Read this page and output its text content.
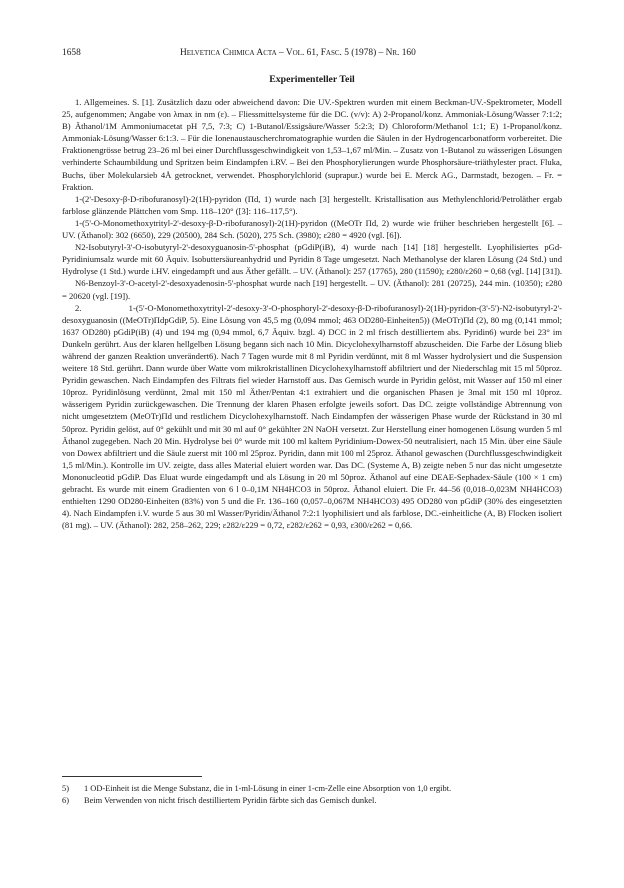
1658	Helvetica Chimica Acta – Vol. 61, Fasc. 5 (1978) – Nr. 160
Experimenteller Teil

1. Allgemeines. S. [1]. Zusätzlich dazu oder abweichend davon: Die UV.-Spektren wurden mit einem Beckman-UV.-Spektrometer, Modell 25, aufgenommen; Angabe von λmax in nm (ε). – Fliessmittelsysteme für die DC. (v/v): A) 2-Propanol/konz. Ammoniak-Lösung/Wasser 7:1:2; B) Äthanol/1M Ammoniumacetat pH 7,5, 7:3; C) 1-Butanol/Essigsäure/Wasser 5:2:3; D) Chloroform/Methanol 1:1; E) 1-Propanol/konz. Ammoniak-Lösung/Wasser 6:1:3. – Für die Ionenaustauscherchromatographie wurden die Säulen in der Hydrogencarbonatform vorbereitet. Die Fraktionengrösse betrug 23–26 ml bei einer Durchflussgeschwindigkeit von 1,53–1,67 ml/Min. – Zusatz von 1-Butanol zu wässerigen Lösungen verhinderte Schaumbildung und Spritzen beim Eindampfen i.RV. – Bei den Phosphorylierungen wurde Phosphorsäure-triäthylester pract. Fluka, Buchs, über Molekularsieb 4Å getrocknet, verwendet. Phosphorylchlorid (suprapur.) wurde bei E. Merck AG., Darmstadt, bezogen. – Fr. = Fraktion.

1-(2'-Desoxy-β-D-ribofuranosyl)-2(1H)-pyridon (Πd, 1) wurde nach [3] hergestellt. Kristallisation aus Methylenchlorid/Petroläther ergab farblose glänzende Plättchen vom Smp. 118–120° ([3]: 116–117,5°).

1-(5'-O-Monomethoxytrityl-2'-desoxy-β-D-ribofuranosyl)-2(1H)-pyridon ((MeOTr Πd, 2) wurde wie früher beschrieben hergestellt [6]. – UV. (Äthanol): 302 (6650), 229 (20500), 284 Sch. (5020), 275 Sch. (3980); ε280 = 4920 (vgl. [6]).

N2-Isobutyryl-3'-O-isobutyryl-2'-desoxyguanosin-5'-phosphat (pGdiP(iB), 4) wurde nach [14] [18] hergestellt. Lyophilisiertes pGd-Pyridiniumsalz wurde mit 60 Äquiv. Isobuttersäureanhydrid und Pyridin 8 Tage umgesetzt. Nach Methanolyse der klaren Lösung (24 Std.) und Hydrolyse (1 Std.) wurde i.HV. eingedampft und aus Äther gefällt. – UV. (Äthanol): 257 (17765), 280 (11590); ε280/ε260 = 0,68 (vgl. [14] [31]).

N6-Benzoyl-3'-O-acetyl-2'-desoxyadenosin-5'-phosphat wurde nach [19] hergestellt. – UV. (Äthanol): 281 (20725), 244 min. (10350); ε280 = 20620 (vgl. [19]).

2. 1-(5'-O-Monomethoxytrityl-2'-desoxy-3'-O-phosphoryl-2'-desoxy-β-D-ribofuranosyl)-2(1H)-pyridon-(3'-5')-N2-isobutyryl-2'-desoxyguanosin ((MeOTr)ΠdpGdiP, 5). Eine Lösung von 45,5 mg (0,094 mmol; 463 OD280-Einheiten5)) (MeOTr)Πd (2), 80 mg (0,141 mmol; 1637 OD280) pGdiP(iB) (4) und 194 mg (0,94 mmol, 6,7 Äquiv. bzgl. 4) DCC in 2 ml frisch destilliertem abs. Pyridin6) wurde bei 23° im Dunkeln gerührt. Aus der klaren hellgelben Lösung begann sich nach 10 Min. Dicyclohexylharnstoff abzuscheiden. Die Farbe der Lösung blieb während der ganzen Reaktion unverändert6). Nach 7 Tagen wurde mit 8 ml Pyridin verdünnt, mit 8 ml Wasser hydrolysiert und die Suspension weitere 18 Std. gerührt. Dann wurde über Watte vom mikrokristallinen Dicyclohexylharnstoff abfiltriert und der Niederschlag mit 15 ml 50proz. Pyridin gewaschen. Nach Eindampfen des Filtrats fiel wieder Harnstoff aus. Das Gemisch wurde in Pyridin gelöst, mit Wasser auf 150 ml einer 10proz. Pyridinlösung verdünnt, 2mal mit 150 ml Äther/Pentan 4:1 extrahiert und die organischen Phasen je 3mal mit 150 ml 10proz. wässerigem Pyridin zurückgewaschen. Die Trennung der klaren Phasen erfolgte jeweils sofort. Das DC. zeigte vollständige Abtrennung von nicht umgesetztem (MeOTr)Πd und restlichem Dicyclohexylharnstoff. Nach Eindampfen der wässerigen Phase wurde der Rückstand in 30 ml 50proz. Pyridin gelöst, auf 0° gekühlt und mit 30 ml auf 0° gekühlter 2N NaOH versetzt. Zur Herstellung einer homogenen Lösung wurden 5 ml Äthanol zugegeben. Nach 20 Min. Hydrolyse bei 0° wurde mit 100 ml kaltem Pyridinium-Dowex-50 neutralisiert, nach 15 Min. über eine Säule von Dowex abfiltriert und die Säule zuerst mit 100 ml 25proz. Pyridin, dann mit 100 ml 25proz. Äthanol gewaschen (Durchflussgeschwindigkeit 1,5 ml/Min.). Kontrolle im UV. zeigte, dass alles Material eluiert worden war. Das DC. (Systeme A, B) zeigte neben 5 nur das nicht umgesetzte Mononucleotid pGdiP. Das Eluat wurde eingedampft und als Lösung in 20 ml 50proz. Äthanol auf eine DEAE-Sephadex-Säule (100 × 1 cm) gebracht. Es wurde mit einem Gradienten von 6 l 0–0,1M NH4HCO3 in 50proz. Äthanol eluiert. Die Fr. 44–56 (0,018–0,023M NH4HCO3) enthielten 1290 OD280-Einheiten (83%) von 5 und die Fr. 136–160 (0,057–0,067M NH4HCO3) 495 OD280 von pGdiP (30% des eingesetzten 4). Nach Eindampfen i.V. wurde 5 aus 30 ml Wasser/Pyridin/Äthanol 7:2:1 lyophilisiert und als farblose, DC.-einheitliche (A, B) Flocken isoliert (81 mg). – UV. (Äthanol): 282, 258–262, 229; ε282/ε229 = 0,72, ε282/ε262 = 0,93, ε300/ε262 = 0,66.

5)	1 OD-Einheit ist die Menge Substanz, die in 1-ml-Lösung in einer 1-cm-Zelle eine Absorption von 1,0 ergibt.
6)	Beim Verwenden von nicht frisch destilliertem Pyridin färbte sich das Gemisch dunkel.
